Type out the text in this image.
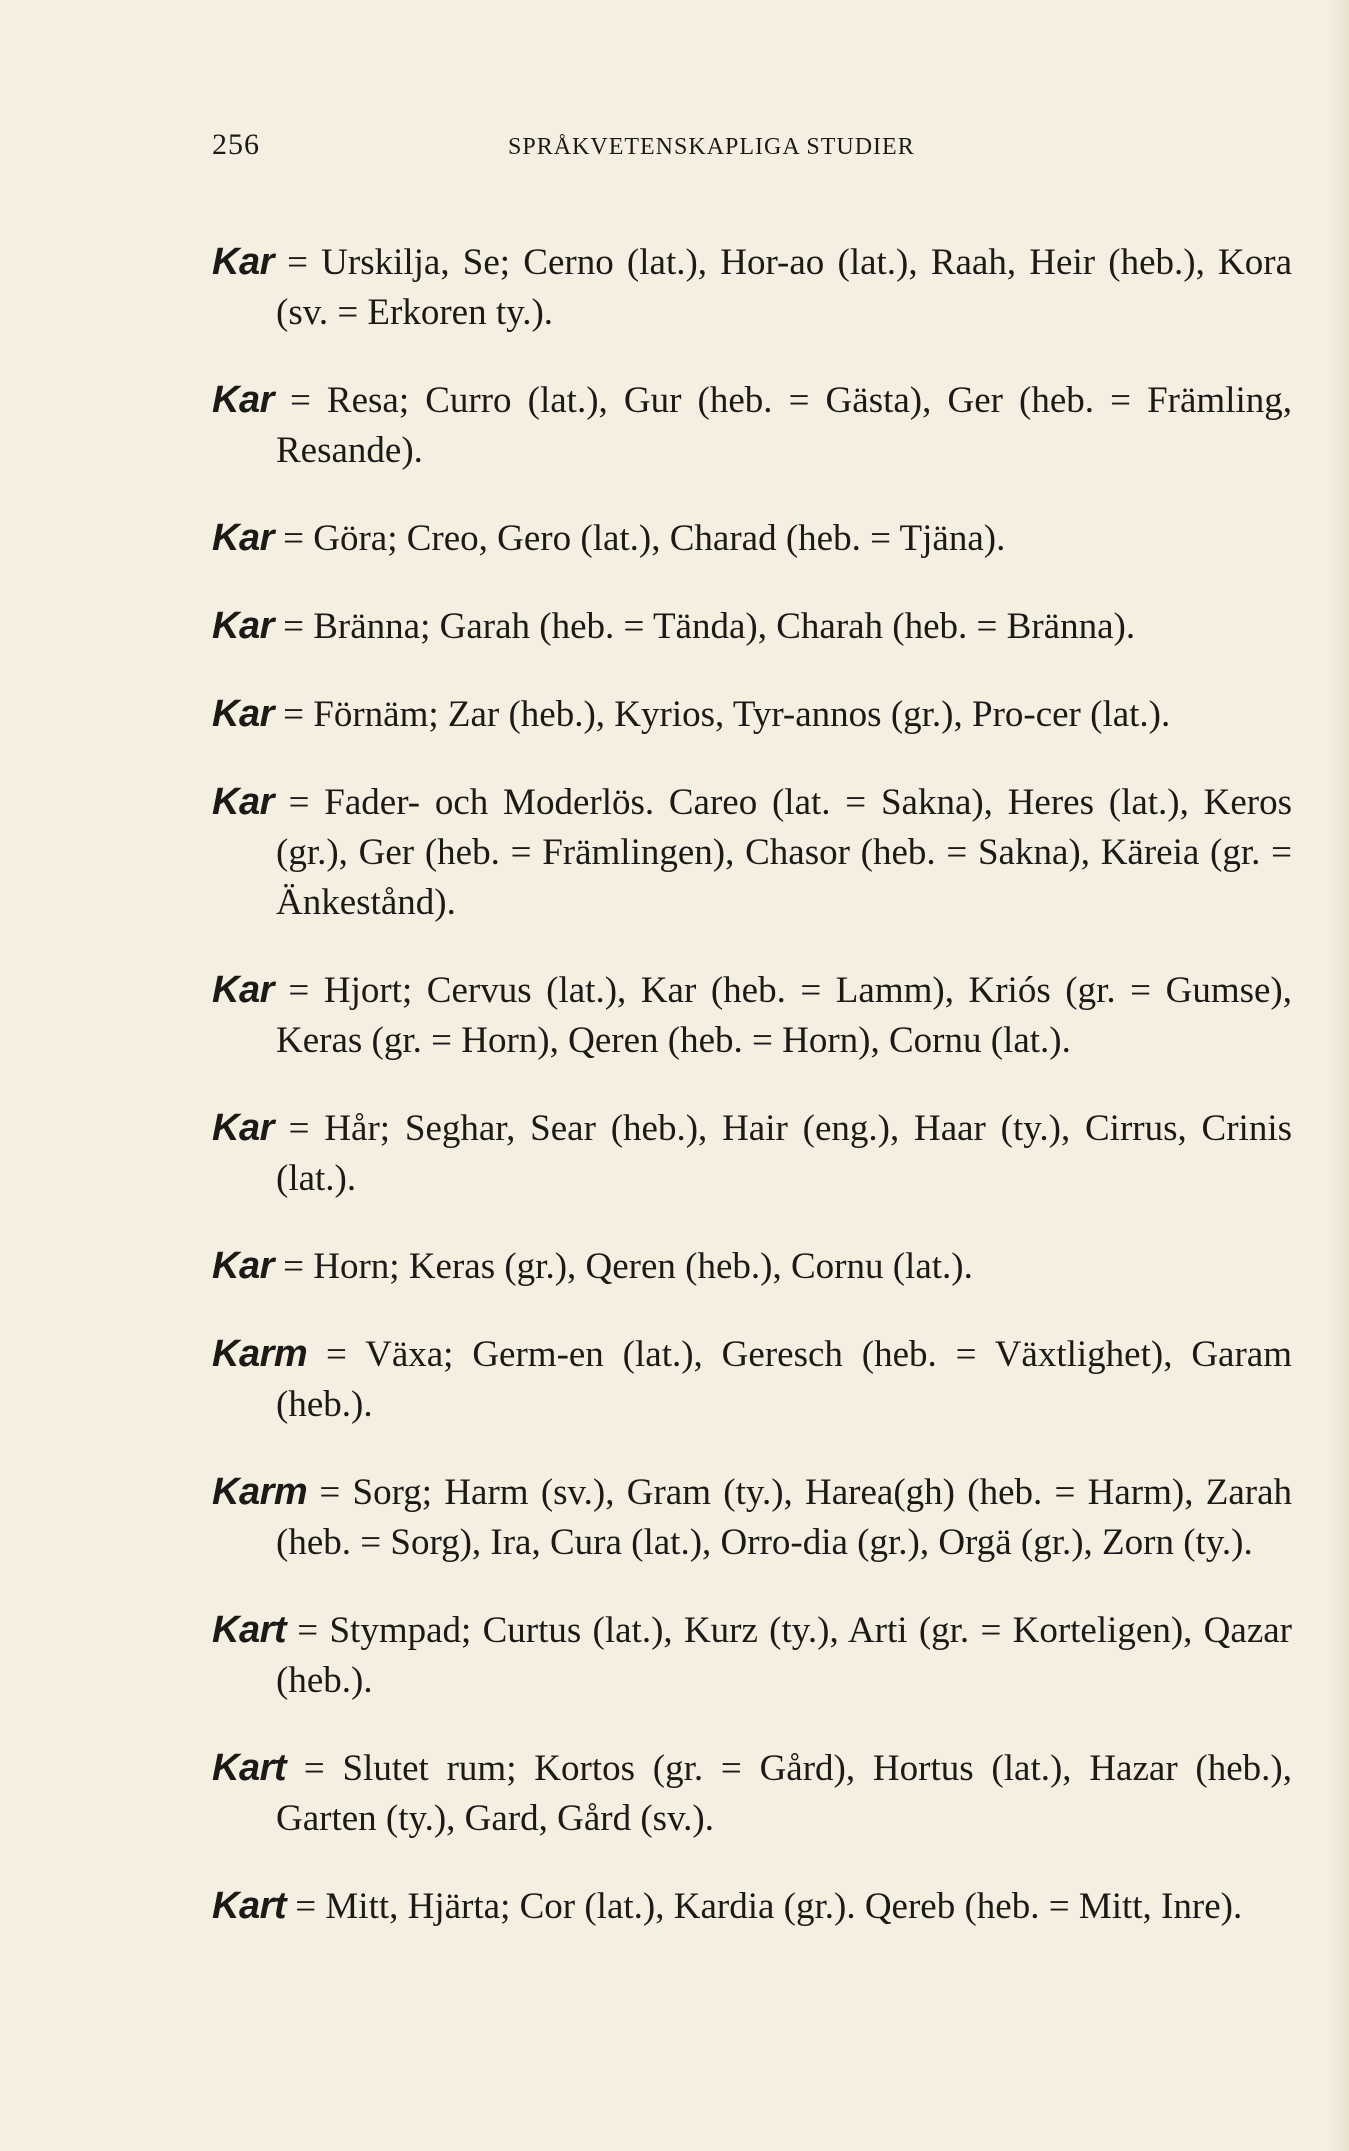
256	SPRÅKVETENSKAPLIGA STUDIER

Kar = Urskilja, Se; Cerno (lat.), Hor-ao (lat.), Raah, Heir (heb.), Kora (sv. = Erkoren ty.).

Kar = Resa; Curro (lat.), Gur (heb. = Gästa), Ger (heb. = Främling, Resande).

Kar = Göra; Creo, Gero (lat.), Charad (heb. = Tjäna).

Kar = Bränna; Garah (heb. = Tända), Charah (heb. = Bränna).

Kar = Förnäm; Zar (heb.), Kyrios, Tyr-annos (gr.), Pro-cer (lat.).

Kar = Fader- och Moderlös. Careo (lat. = Sakna), Heres (lat.), Keros (gr.), Ger (heb. = Främlingen), Chasor (heb. = Sakna), Käreia (gr. = Änkestånd).

Kar = Hjort; Cervus (lat.), Kar (heb. = Lamm), Kriós (gr. = Gumse), Keras (gr. = Horn), Qeren (heb. = Horn), Cornu (lat.).

Kar = Hår; Seghar, Sear (heb.), Hair (eng.), Haar (ty.), Cirrus, Crinis (lat.).

Kar = Horn; Keras (gr.), Qeren (heb.), Cornu (lat.).

Karm = Växa; Germ-en (lat.), Geresch (heb. = Växtlighet), Garam (heb.).

Karm = Sorg; Harm (sv.), Gram (ty.), Harea(gh) (heb. = Harm), Zarah (heb. = Sorg), Ira, Cura (lat.), Orro-dia (gr.), Orgä (gr.), Zorn (ty.).

Kart = Stympad; Curtus (lat.), Kurz (ty.), Arti (gr. = Korteligen), Qazar (heb.).

Kart = Slutet rum; Kortos (gr. = Gård), Hortus (lat.), Hazar (heb.), Garten (ty.), Gard, Gård (sv.).

Kart = Mitt, Hjärta; Cor (lat.), Kardia (gr.). Qereb (heb. = Mitt, Inre).
